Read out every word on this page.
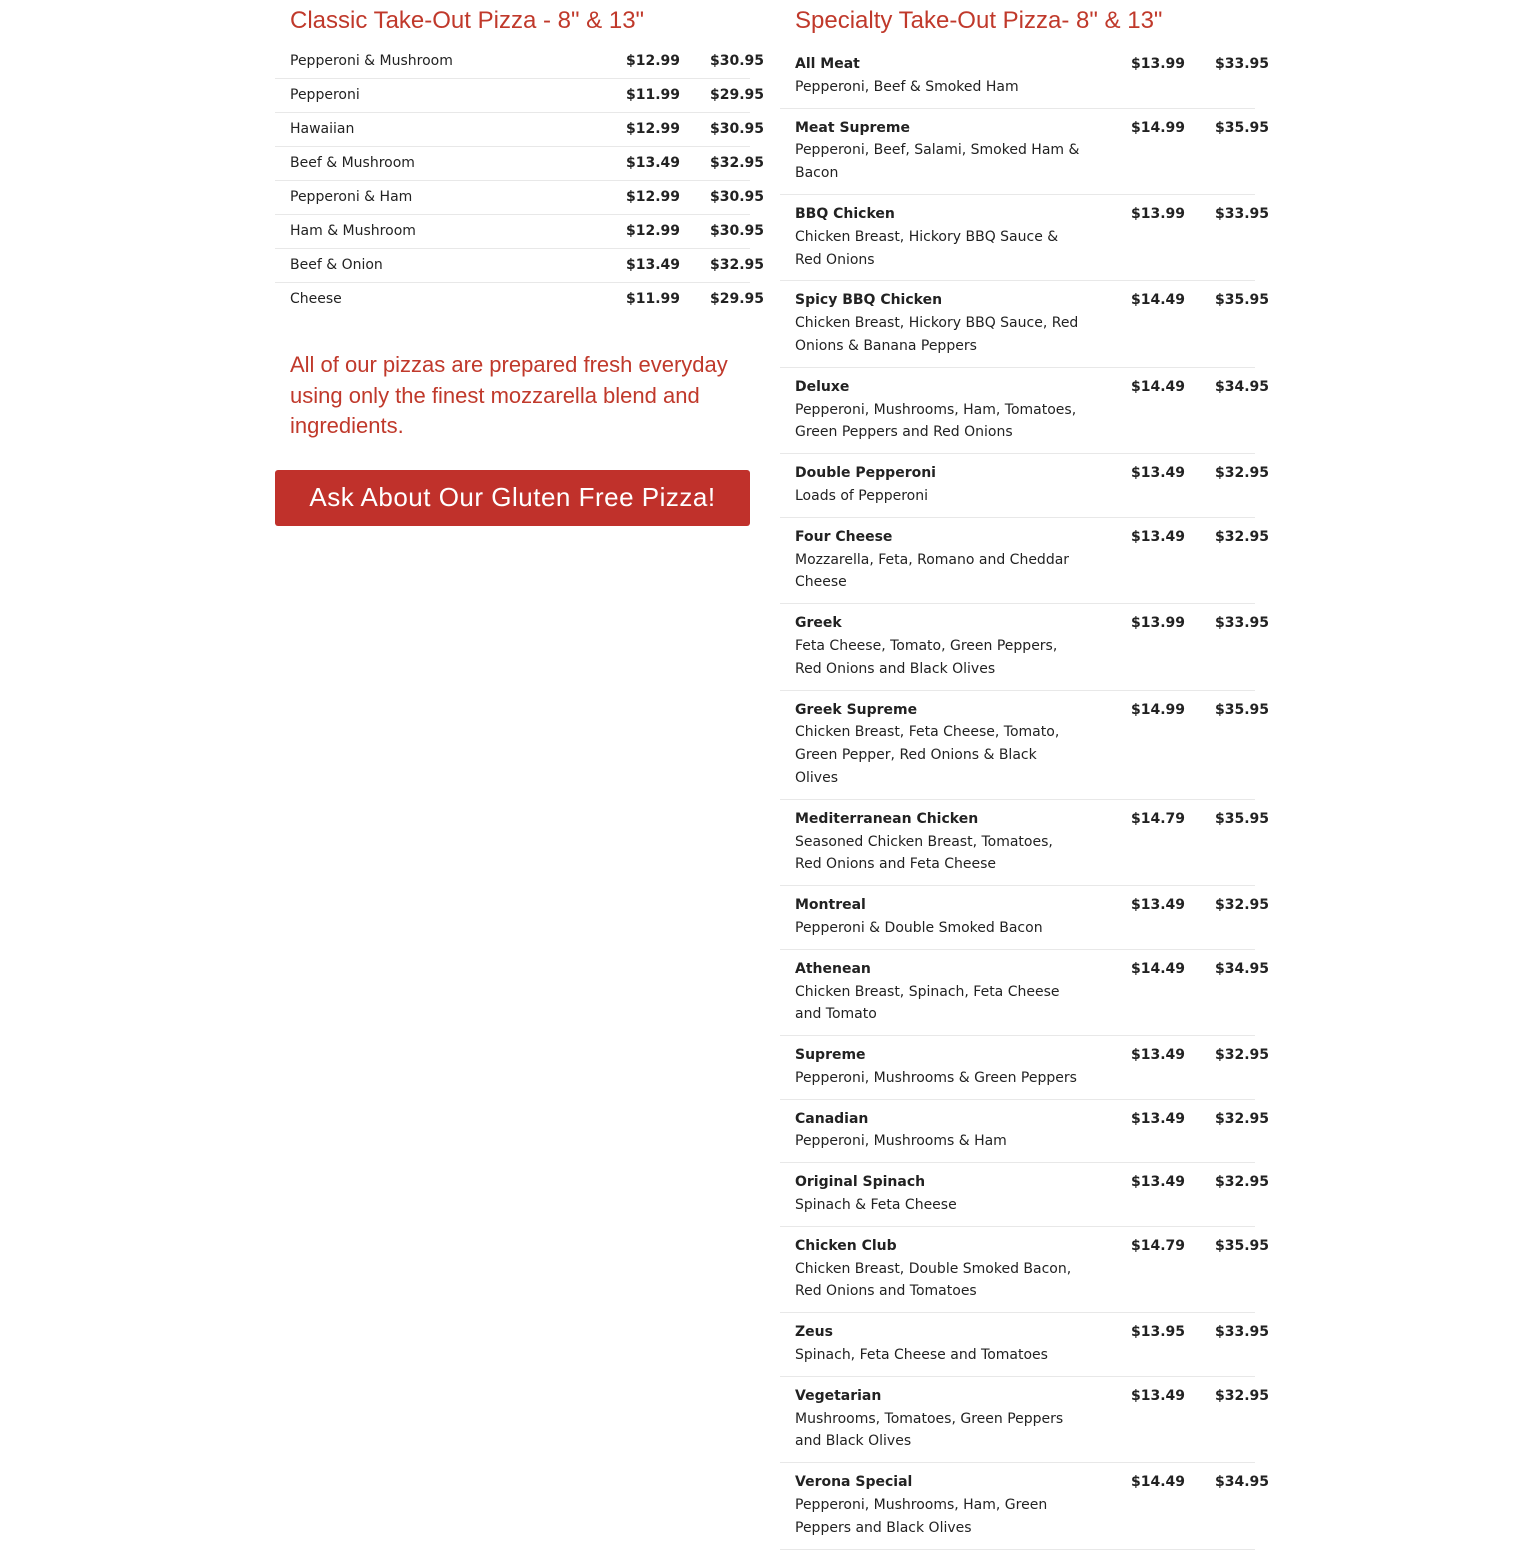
Classic Take-Out Pizza - 8" & 13"
Pepperoni & Mushroom	$12.99	$30.95
Pepperoni	$11.99	$29.95
Hawaiian	$12.99	$30.95
Beef & Mushroom	$13.49	$32.95
Pepperoni & Ham	$12.99	$30.95
Ham & Mushroom	$12.99	$30.95
Beef & Onion	$13.49	$32.95
Cheese	$11.99	$29.95

All of our pizzas are prepared fresh everyday using only the finest mozzarella blend and ingredients.

Ask About Our Gluten Free Pizza!
Specialty Take-Out Pizza- 8" & 13"
All Meat
Pepperoni, Beef & Smoked Ham
$13.99	$33.95
Meat Supreme
Pepperoni, Beef, Salami, Smoked Ham & Bacon
$14.99	$35.95
BBQ Chicken
Chicken Breast, Hickory BBQ Sauce & Red Onions
$13.99	$33.95
Spicy BBQ Chicken
Chicken Breast, Hickory BBQ Sauce, Red Onions & Banana Peppers
$14.49	$35.95
Deluxe
Pepperoni, Mushrooms, Ham, Tomatoes, Green Peppers and Red Onions
$14.49	$34.95
Double Pepperoni
Loads of Pepperoni
$13.49	$32.95
Four Cheese
Mozzarella, Feta, Romano and Cheddar Cheese
$13.49	$32.95
Greek
Feta Cheese, Tomato, Green Peppers, Red Onions and Black Olives
$13.99	$33.95
Greek Supreme
Chicken Breast, Feta Cheese, Tomato, Green Pepper, Red Onions & Black Olives
$14.99	$35.95
Mediterranean Chicken
Seasoned Chicken Breast, Tomatoes, Red Onions and Feta Cheese
$14.79	$35.95
Montreal
Pepperoni & Double Smoked Bacon
$13.49	$32.95
Athenean
Chicken Breast, Spinach, Feta Cheese and Tomato
$14.49	$34.95
Supreme
Pepperoni, Mushrooms & Green Peppers
$13.49	$32.95
Canadian
Pepperoni, Mushrooms & Ham
$13.49	$32.95
Original Spinach
Spinach & Feta Cheese
$13.49	$32.95
Chicken Club
Chicken Breast, Double Smoked Bacon, Red Onions and Tomatoes
$14.79	$35.95
Zeus
Spinach, Feta Cheese and Tomatoes
$13.95	$33.95
Vegetarian
Mushrooms, Tomatoes, Green Peppers and Black Olives
$13.49	$32.95
Verona Special
Pepperoni, Mushrooms, Ham, Green Peppers and Black Olives
$14.49	$34.95
